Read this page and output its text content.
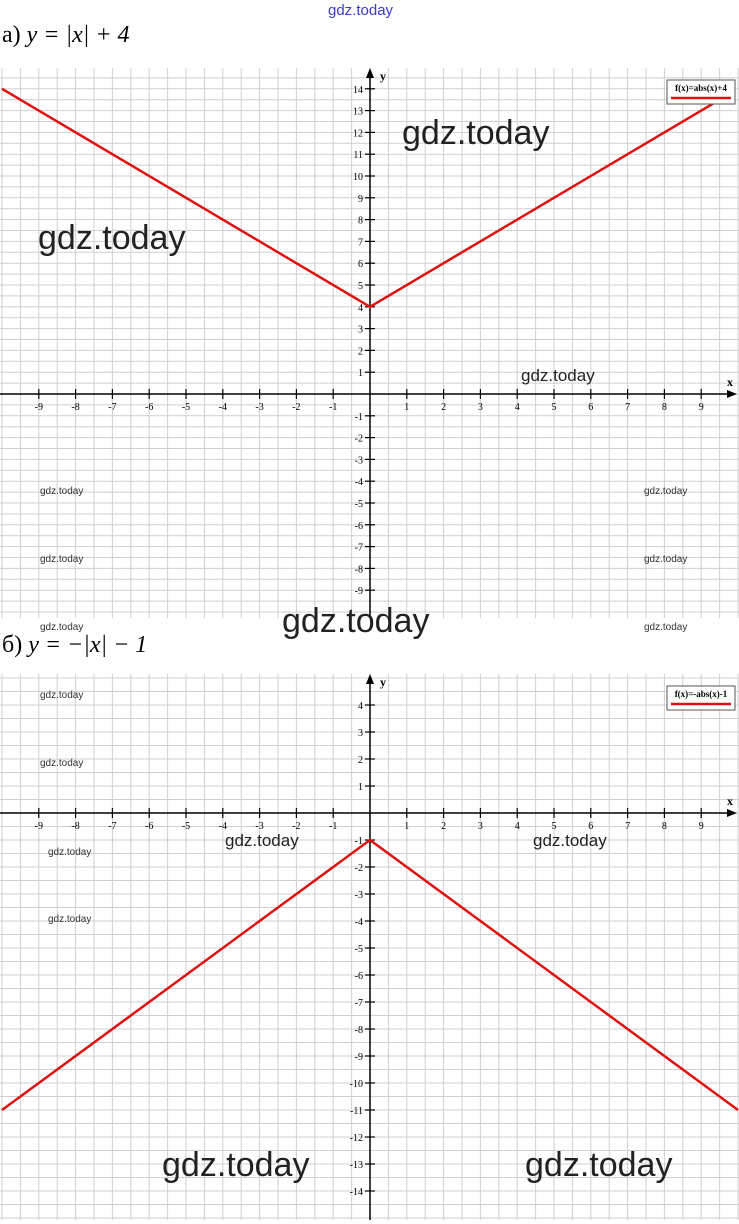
gdz.today
а) y = |x| + 4
x
y
-9	-8	-7	-6	-5	-4	-3	-2	-1	1	2	3	4	5	6	7	8	9
-9
-8
-7
-6
-5
-4
-3
-2
-1
1
2
3
4
5
6
7
8
9
10
11
12
13
14	f(x)=abs(x)+4
б) y = −|x| − 1
x
y
-9	-8	-7	-6	-5	-4	-3	-2	-1	1	2	3	4	5	6	7	8	9
-14
-13
-12
-11
-10
-9
-8
-7
-6
-5
-4
-3
-2
-1
1
2
3
4
f(x)=-abs(x)-1
gdz.today
gdz.today
gdz.today
gdz.today	gdz.today
gdz.today	gdz.today
gdz.today
gdz.today	gdz.today
gdz.today
gdz.today
gdz.today	gdz.today
gdz.today
gdz.today
gdz.today	gdz.today
